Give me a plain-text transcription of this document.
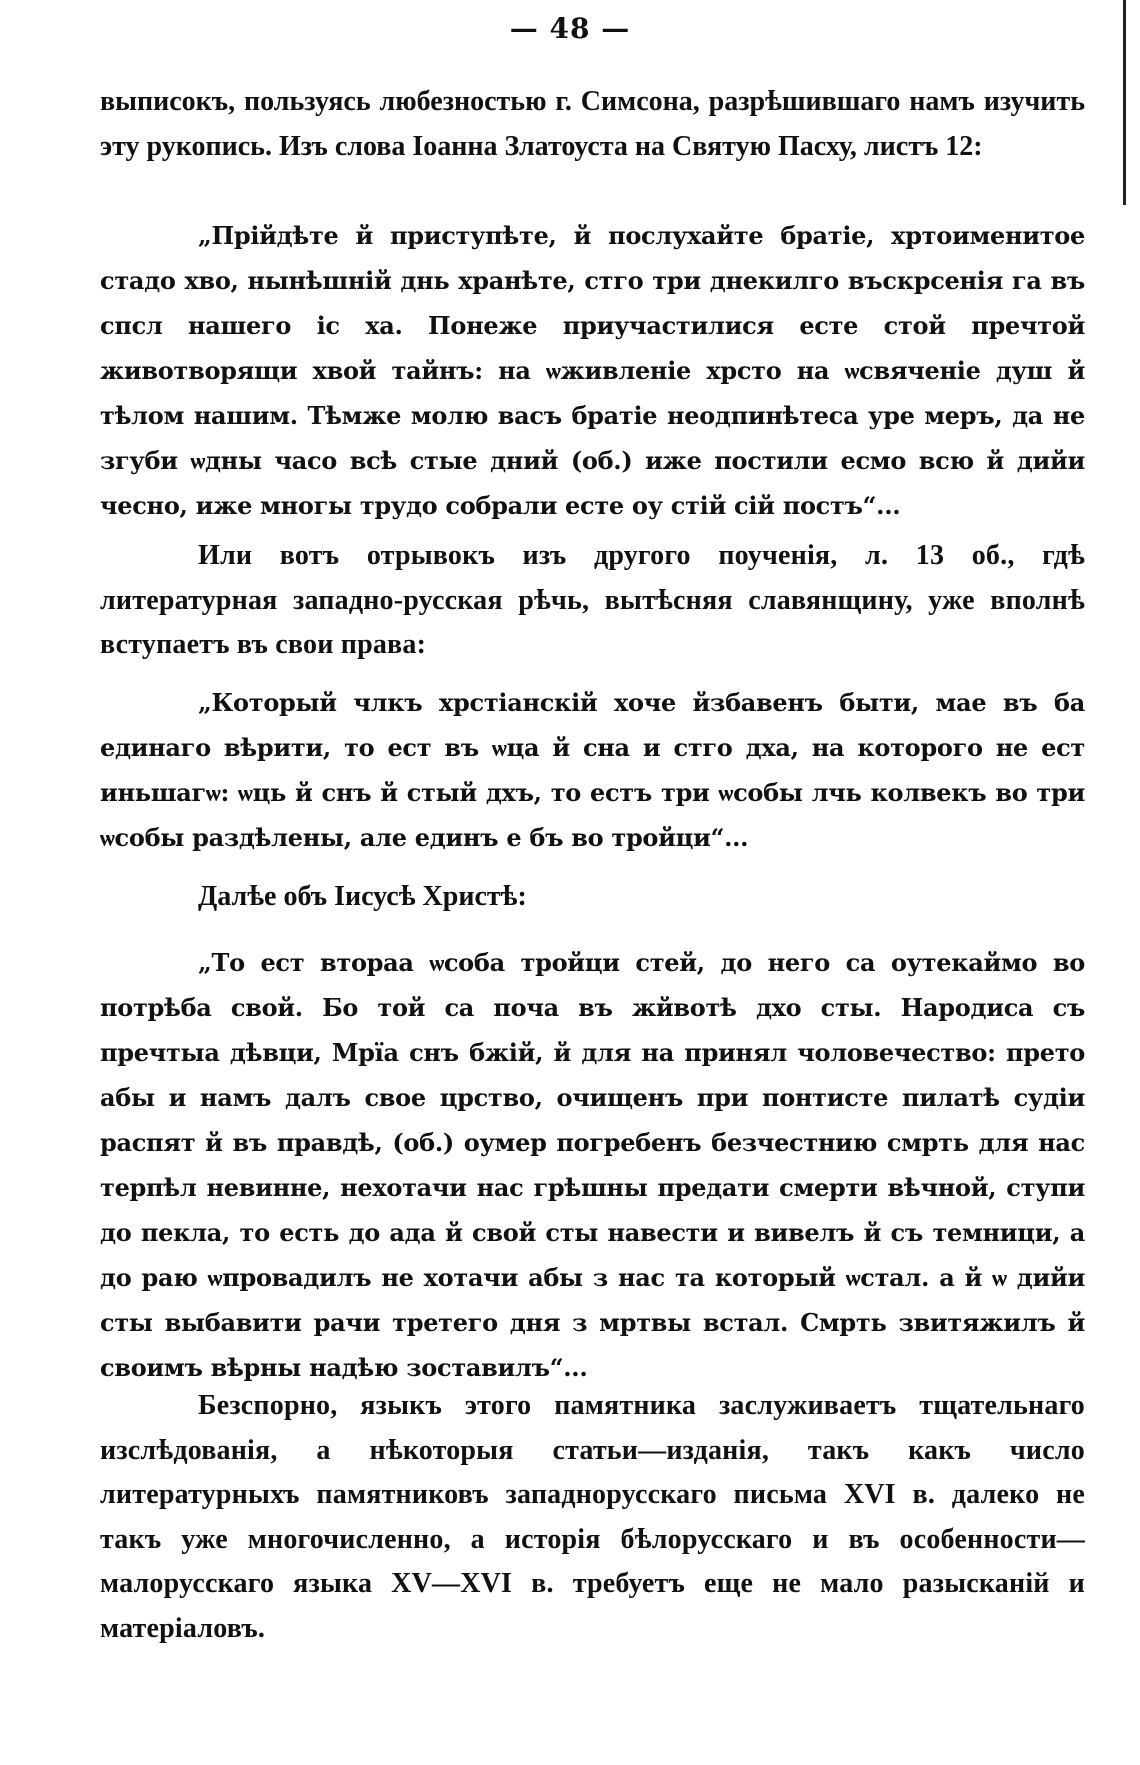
— 48 —

выписокъ, пользуясь любезностью г. Симсона, разрѣшившаго намъ изучить эту рукопись. Изъ слова Іоанна Златоуста на Святую Пасху, листъ 12:

„Прійдѣте й приступѣте, й послухайте братіе, хртоименитое стадо хво, нынѣшній днь хранѣте, стго три днекилго въскрсенія га въ спсл нашего іс ха. Понеже приучастилися есте стой пречтой животворящи хвой тайнъ: на ѡживленіе хрсто на ѡсвяченіе душ й тѣлом нашим. Тѣмже молю васъ братіе неодпинѣтеса уре меръ, да не згуби ѡдны часо всѣ стые дний (об.) иже постили есмо всю й дийи чесно, иже многы трудо собрали есте оу стій сій постъ“...

Или вотъ отрывокъ изъ другого поученія, л. 13 об., гдѣ литературная западно-русская рѣчь, вытѣсняя славянщину, уже вполнѣ вступаетъ въ свои права:

„Который члкъ хрстіанскій хоче йзбавенъ быти, мае въ ба единаго вѣрити, то ест въ ѡца й сна и стго дха, на которого не ест иньшагѡ: ѡць й снъ й стый дхъ, то естъ три ѡсобы лчь колвекъ во три ѡсобы раздѣлены, але единъ е бъ во тройци“...

Далѣе объ Іисусѣ Христѣ:

„То ест втораа ѡсоба тройци стей, до него са оутекаймо во потрѣба свой. Бо той са поча въ жйвотѣ дхо сты. Народиса съ пречтыа дѣвци, Мрїа снъ бжій, й для на принял чоловечество: прето абы и намъ далъ свое црство, очищенъ при понтисте пилатѣ судіи распят й въ правдѣ, (об.) оумер погребенъ безчестнию смрть для нас терпѣл невинне, нехотачи нас грѣшны предати смерти вѣчной, ступи до пекла, то есть до ада й свой сты навести и вивелъ й съ темници, а до раю ѡпровадилъ не хотачи абы з нас та который ѡстал. а й ѡ дийи сты выбавити рачи третего дня з мртвы встал. Смрть звитяжилъ й своимъ вѣрны надѣю зоставилъ“...

Безспорно, языкъ этого памятника заслуживаетъ тщательнаго изслѣдованія, а нѣкоторыя статьи—изданія, такъ какъ число литературныхъ памятниковъ западнорусскаго письма XVI в. далеко не такъ уже многочисленно, а исторія бѣлорусскаго и въ особенности—малорусскаго языка XV—XVI в. требуетъ еще не мало разысканій и матеріаловъ.
